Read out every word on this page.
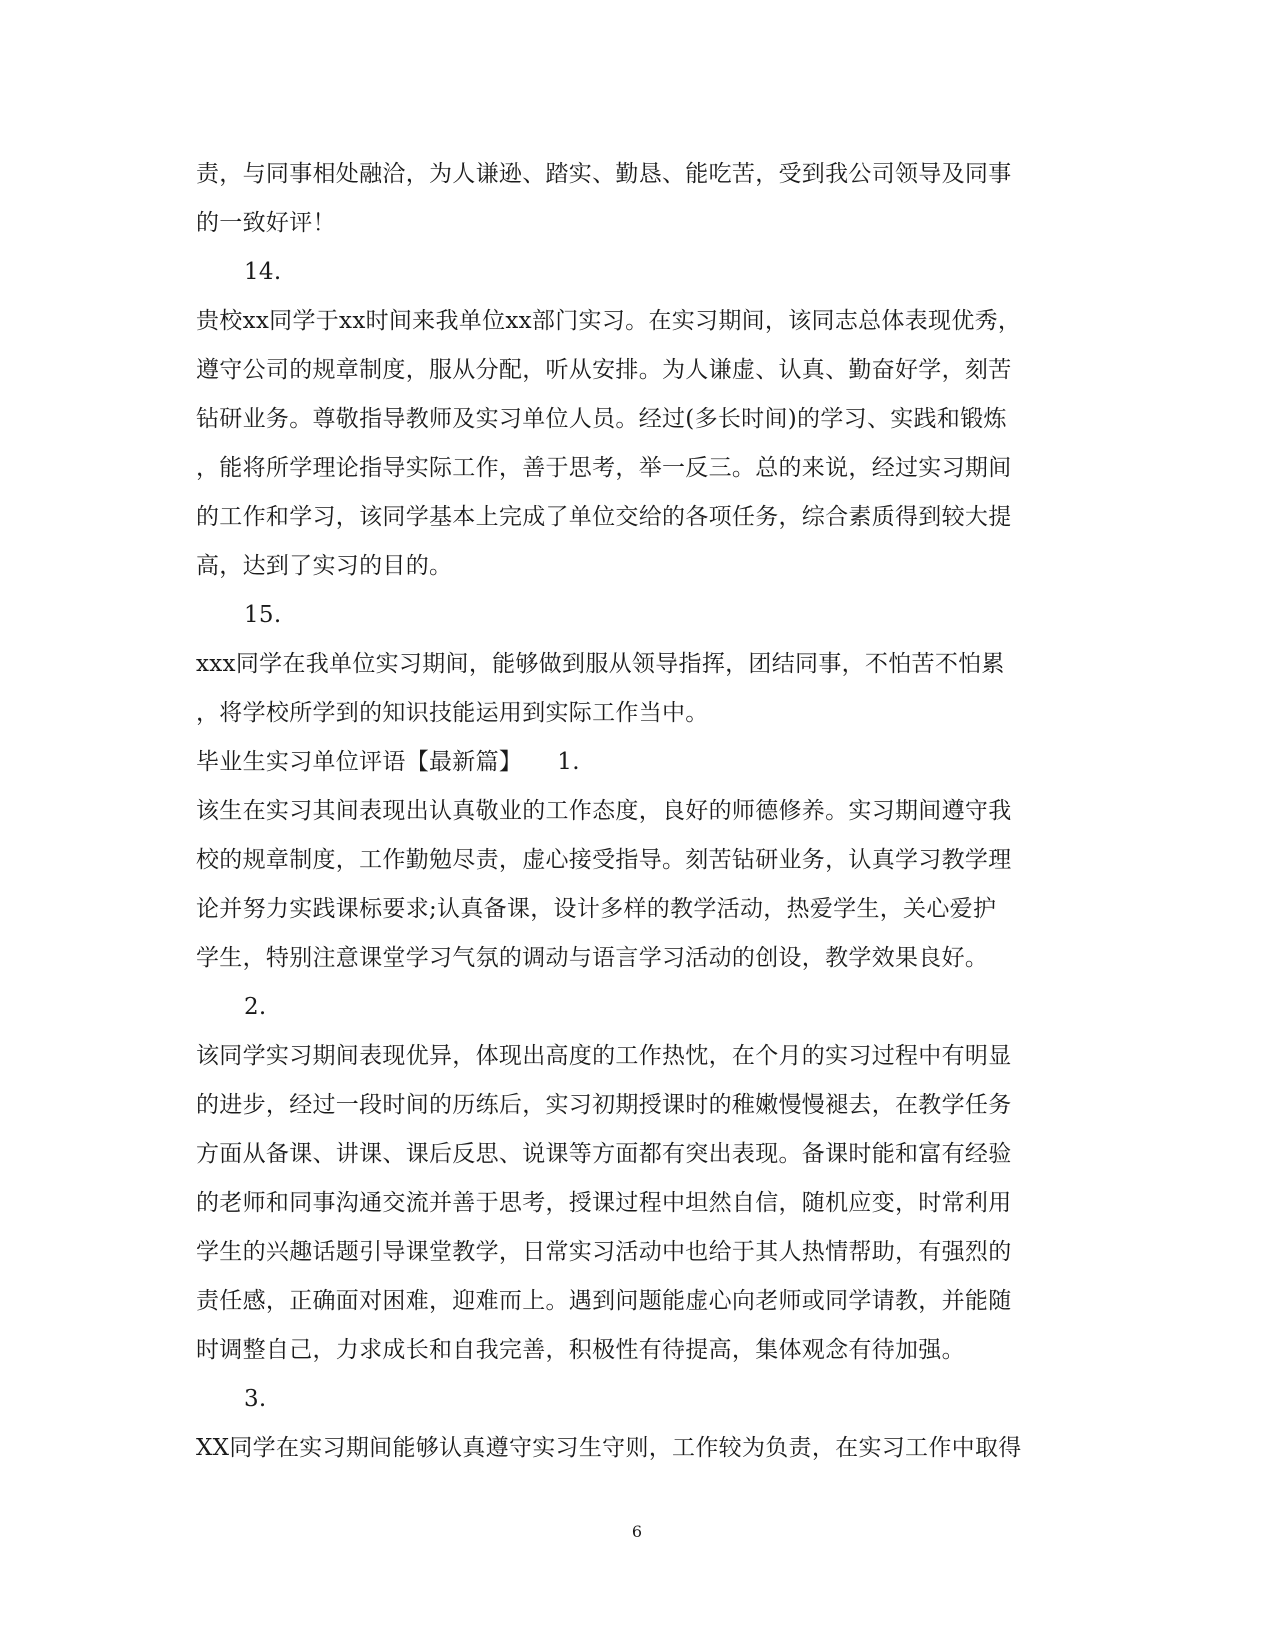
责，与同事相处融洽，为人谦逊、踏实、勤恳、能吃苦，受到我公司领导及同事
的一致好评！
14.
贵校xx同学于xx时间来我单位xx部门实习。在实习期间，该同志总体表现优秀，
遵守公司的规章制度，服从分配，听从安排。为人谦虚、认真、勤奋好学，刻苦
钻研业务。尊敬指导教师及实习单位人员。经过(多长时间)的学习、实践和锻炼
，能将所学理论指导实际工作，善于思考，举一反三。总的来说，经过实习期间
的工作和学习，该同学基本上完成了单位交给的各项任务，综合素质得到较大提
高，达到了实习的目的。
15.
xxx同学在我单位实习期间，能够做到服从领导指挥，团结同事，不怕苦不怕累
，将学校所学到的知识技能运用到实际工作当中。
毕业生实习单位评语【最新篇】　　1.
该生在实习其间表现出认真敬业的工作态度，良好的师德修养。实习期间遵守我
校的规章制度，工作勤勉尽责，虚心接受指导。刻苦钻研业务，认真学习教学理
论并努力实践课标要求;认真备课，设计多样的教学活动，热爱学生，关心爱护
学生，特别注意课堂学习气氛的调动与语言学习活动的创设，教学效果良好。
2.
该同学实习期间表现优异，体现出高度的工作热忱，在个月的实习过程中有明显
的进步，经过一段时间的历练后，实习初期授课时的稚嫩慢慢褪去，在教学任务
方面从备课、讲课、课后反思、说课等方面都有突出表现。备课时能和富有经验
的老师和同事沟通交流并善于思考，授课过程中坦然自信，随机应变，时常利用
学生的兴趣话题引导课堂教学，日常实习活动中也给于其人热情帮助，有强烈的
责任感，正确面对困难，迎难而上。遇到问题能虚心向老师或同学请教，并能随
时调整自己，力求成长和自我完善，积极性有待提高，集体观念有待加强。
3.
XX同学在实习期间能够认真遵守实习生守则，工作较为负责，在实习工作中取得
6
